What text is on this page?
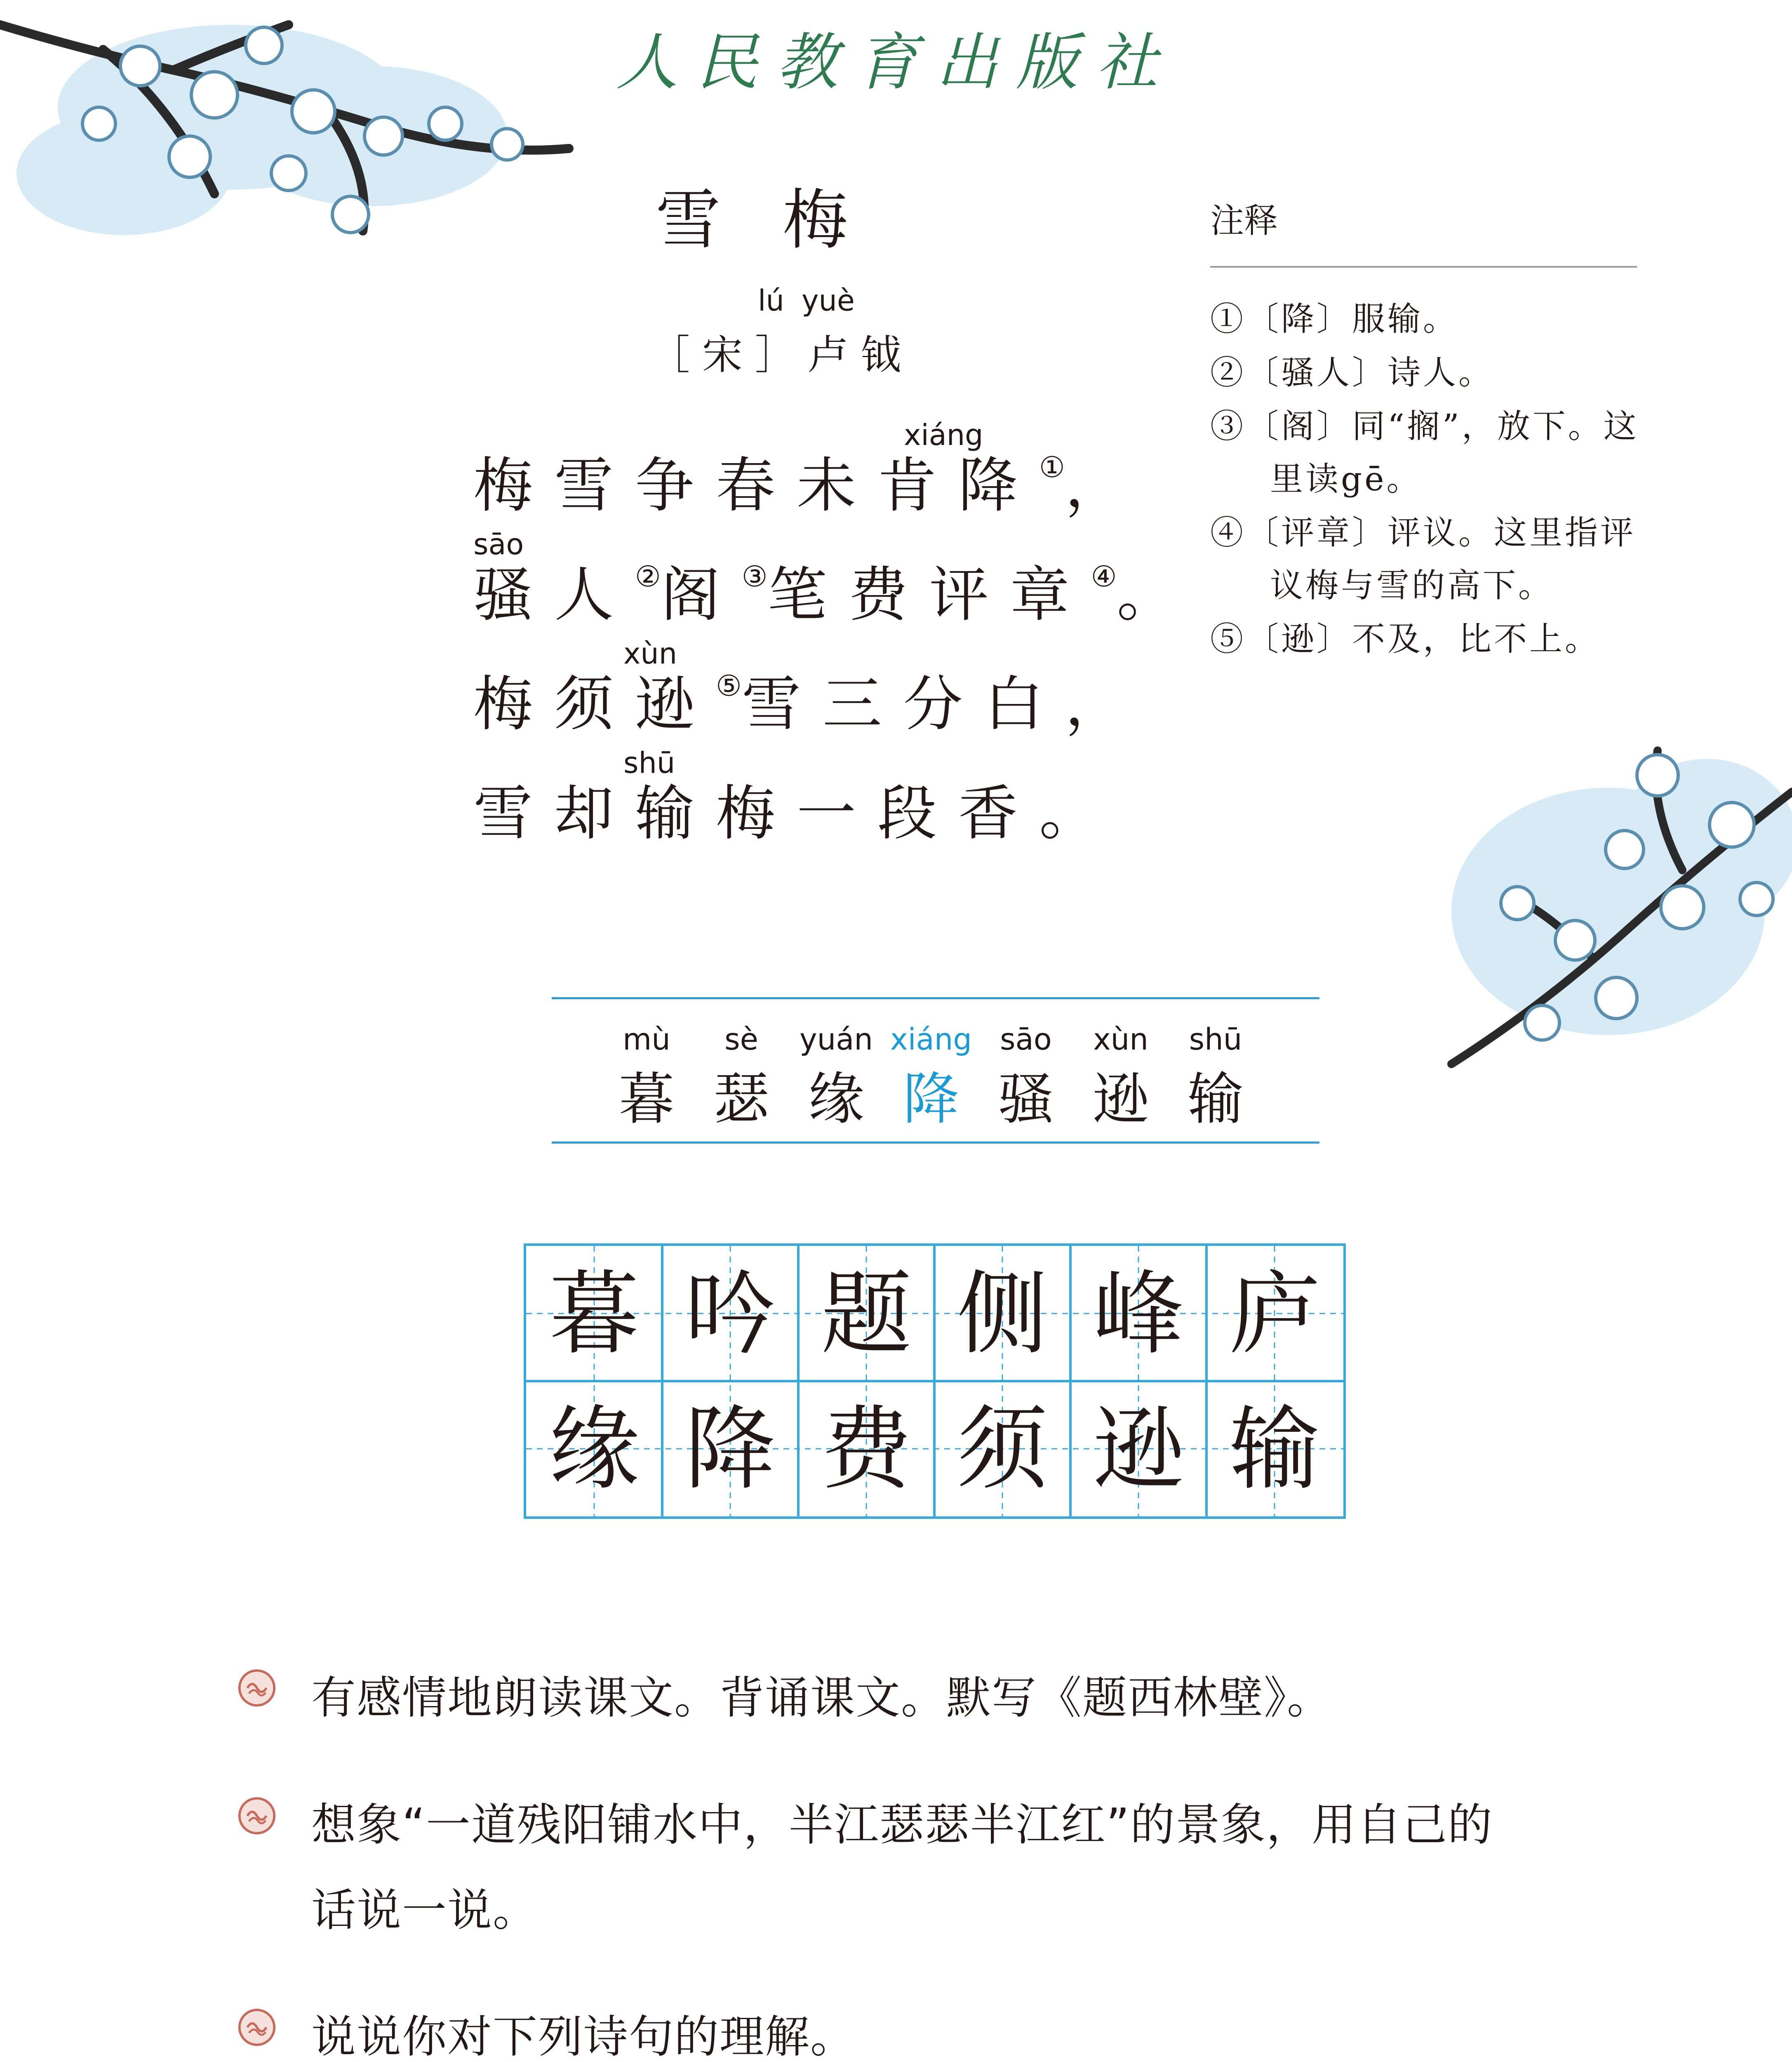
人民教育出版社
雪梅
lú yuè
［宋］卢钺
xiáng
梅雪争春未肯降①，
sāo
骚人②阁③笔费评章④。
xùn
梅须逊⑤雪三分白，
shū
雪却输梅一段香。
注释
①〔降〕服输。
②〔骚人〕诗人。
③〔阁〕同“搁”，放下。这
里读gē。
④〔评章〕评议。这里指评
议梅与雪的高下。
⑤〔逊〕不及，比不上。
mù
暮
sè
瑟
yuán
缘
xiáng
降
sāo
骚
xùn
逊
shū
输
暮 吟 题 侧 峰 庐
缘 降 费 须 逊 输
有感情地朗读课文。背诵课文。默写《题西林壁》。
想象“一道残阳铺水中，半江瑟瑟半江红”的景象，用自己的
话说一说。
说说你对下列诗句的理解。
